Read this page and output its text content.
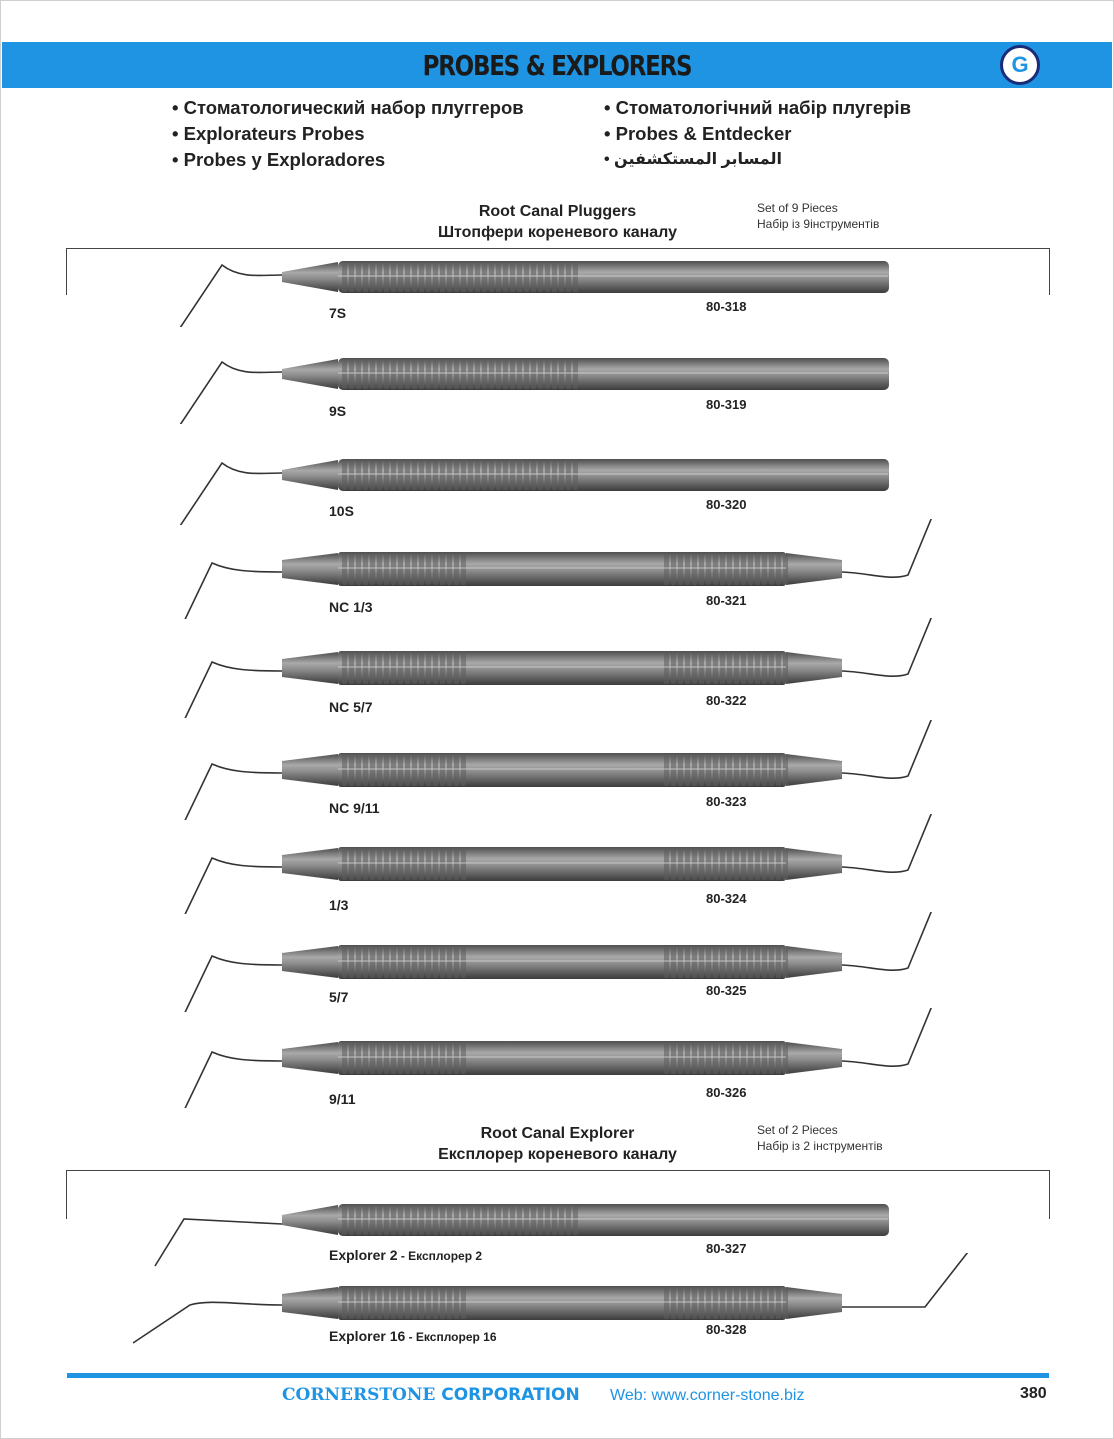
PROBES & EXPLORERS	G
• Стоматологический набор плуггеров
• Explorateurs Probes
• Probes y Exploradores
• Стоматологічний набір плугерів
• Probes & Entdecker
• المسابر المستكشفين
Root Canal Pluggers
Штопфери кореневого каналу
Set of 9 Pieces
Набір із 9інструментів
Root Canal Explorer
Експлорер кореневого каналу
Set of 2 Pieces
Набір із 2 інструментів
7S	80-318
9S	80-319
10S	80-320
NC 1/3	80-321
NC 5/7	80-322
NC 9/11	80-323
1/3	80-324
5/7	80-325
9/11	80-326
Explorer 2 - Експлорер 2	80-327
Explorer 16 - Експлорер 16	80-328
CORNERSTONE CORPORATION Web: www.corner-stone.biz	380
